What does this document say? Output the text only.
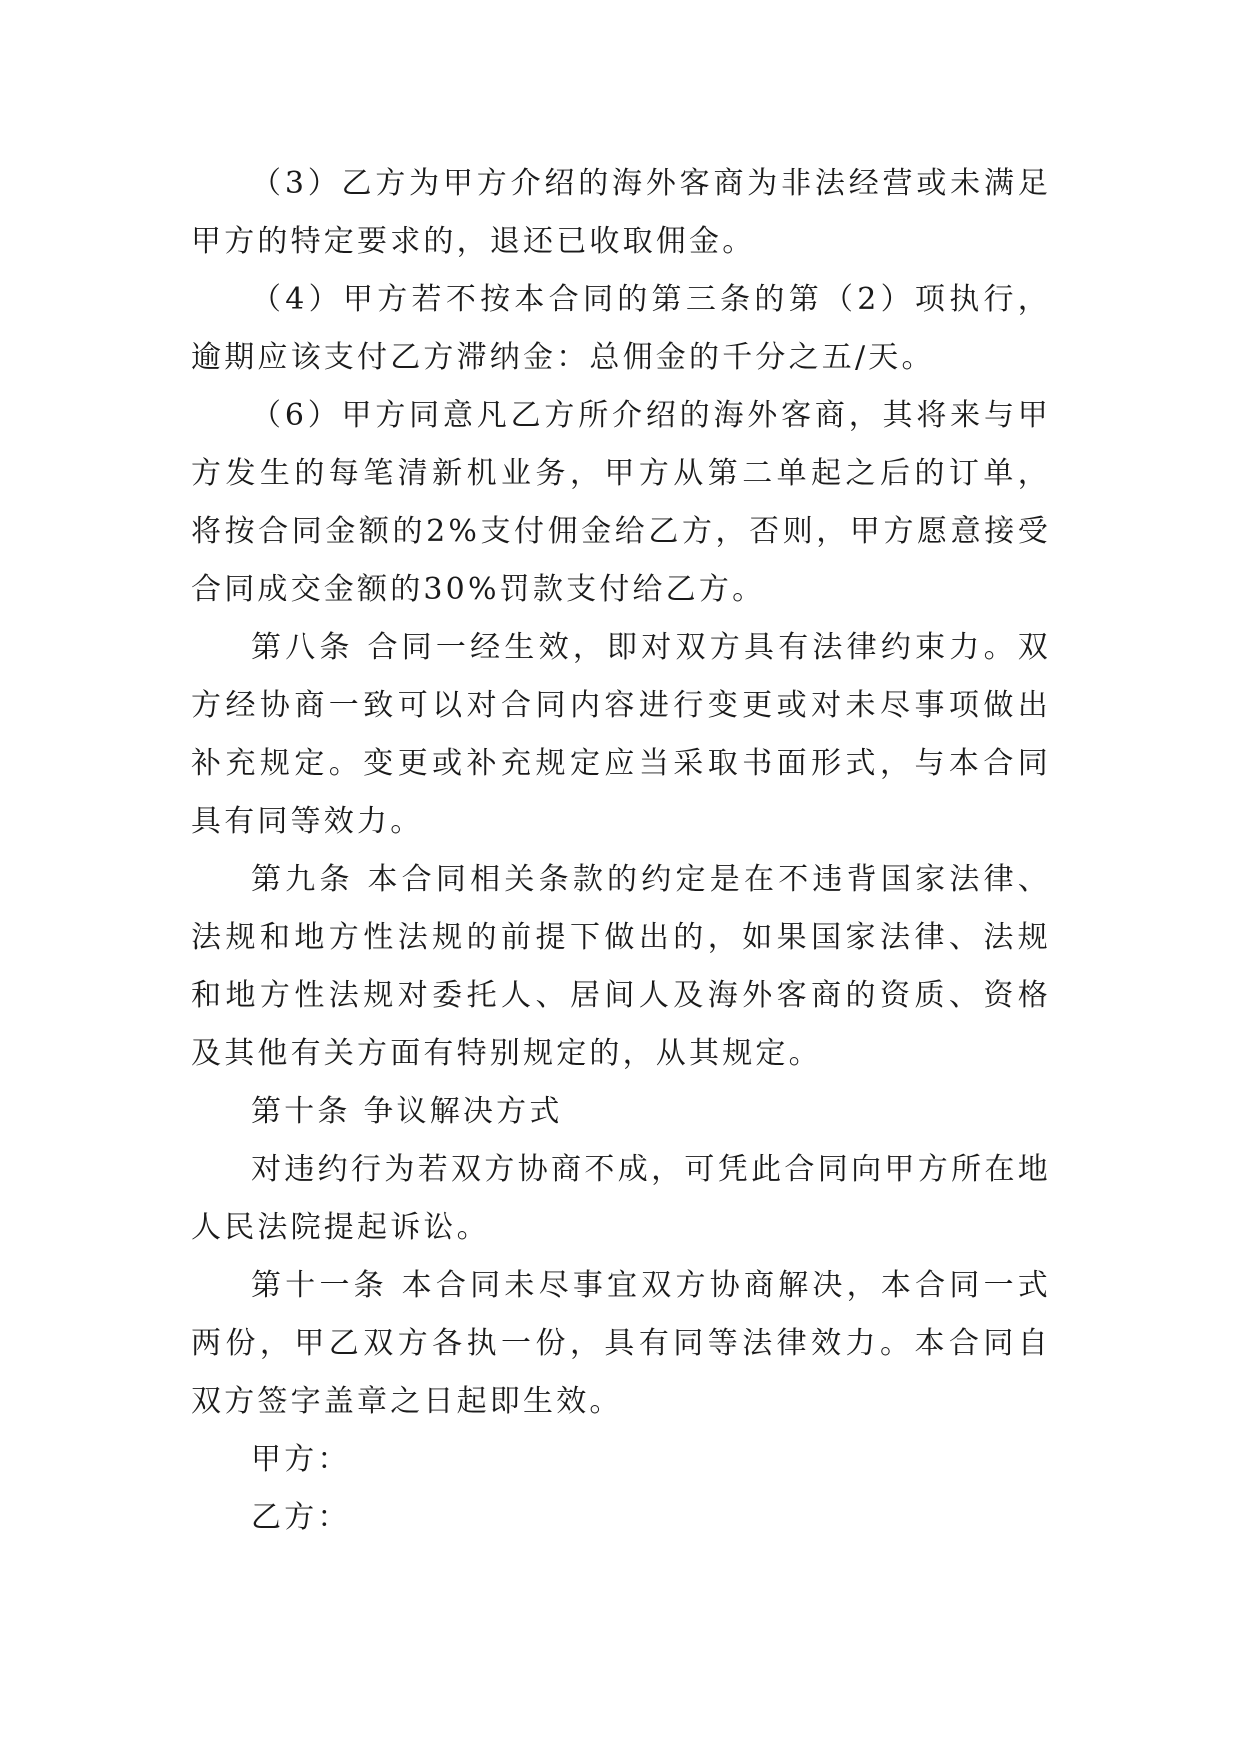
（3）乙方为甲方介绍的海外客商为非法经营或未满足甲方的特定要求的，退还已收取佣金。

（4）甲方若不按本合同的第三条的第（2）项执行，逾期应该支付乙方滞纳金：总佣金的千分之五/天。

（6）甲方同意凡乙方所介绍的海外客商，其将来与甲方发生的每笔清新机业务，甲方从第二单起之后的订单，将按合同金额的2%支付佣金给乙方，否则，甲方愿意接受合同成交金额的30%罚款支付给乙方。

第八条 合同一经生效，即对双方具有法律约束力。双方经协商一致可以对合同内容进行变更或对未尽事项做出补充规定。变更或补充规定应当采取书面形式，与本合同具有同等效力。

第九条 本合同相关条款的约定是在不违背国家法律、法规和地方性法规的前提下做出的，如果国家法律、法规和地方性法规对委托人、居间人及海外客商的资质、资格及其他有关方面有特别规定的，从其规定。

第十条 争议解决方式

对违约行为若双方协商不成，可凭此合同向甲方所在地人民法院提起诉讼。

第十一条 本合同未尽事宜双方协商解决，本合同一式两份，甲乙双方各执一份，具有同等法律效力。本合同自双方签字盖章之日起即生效。

甲方：

乙方：
